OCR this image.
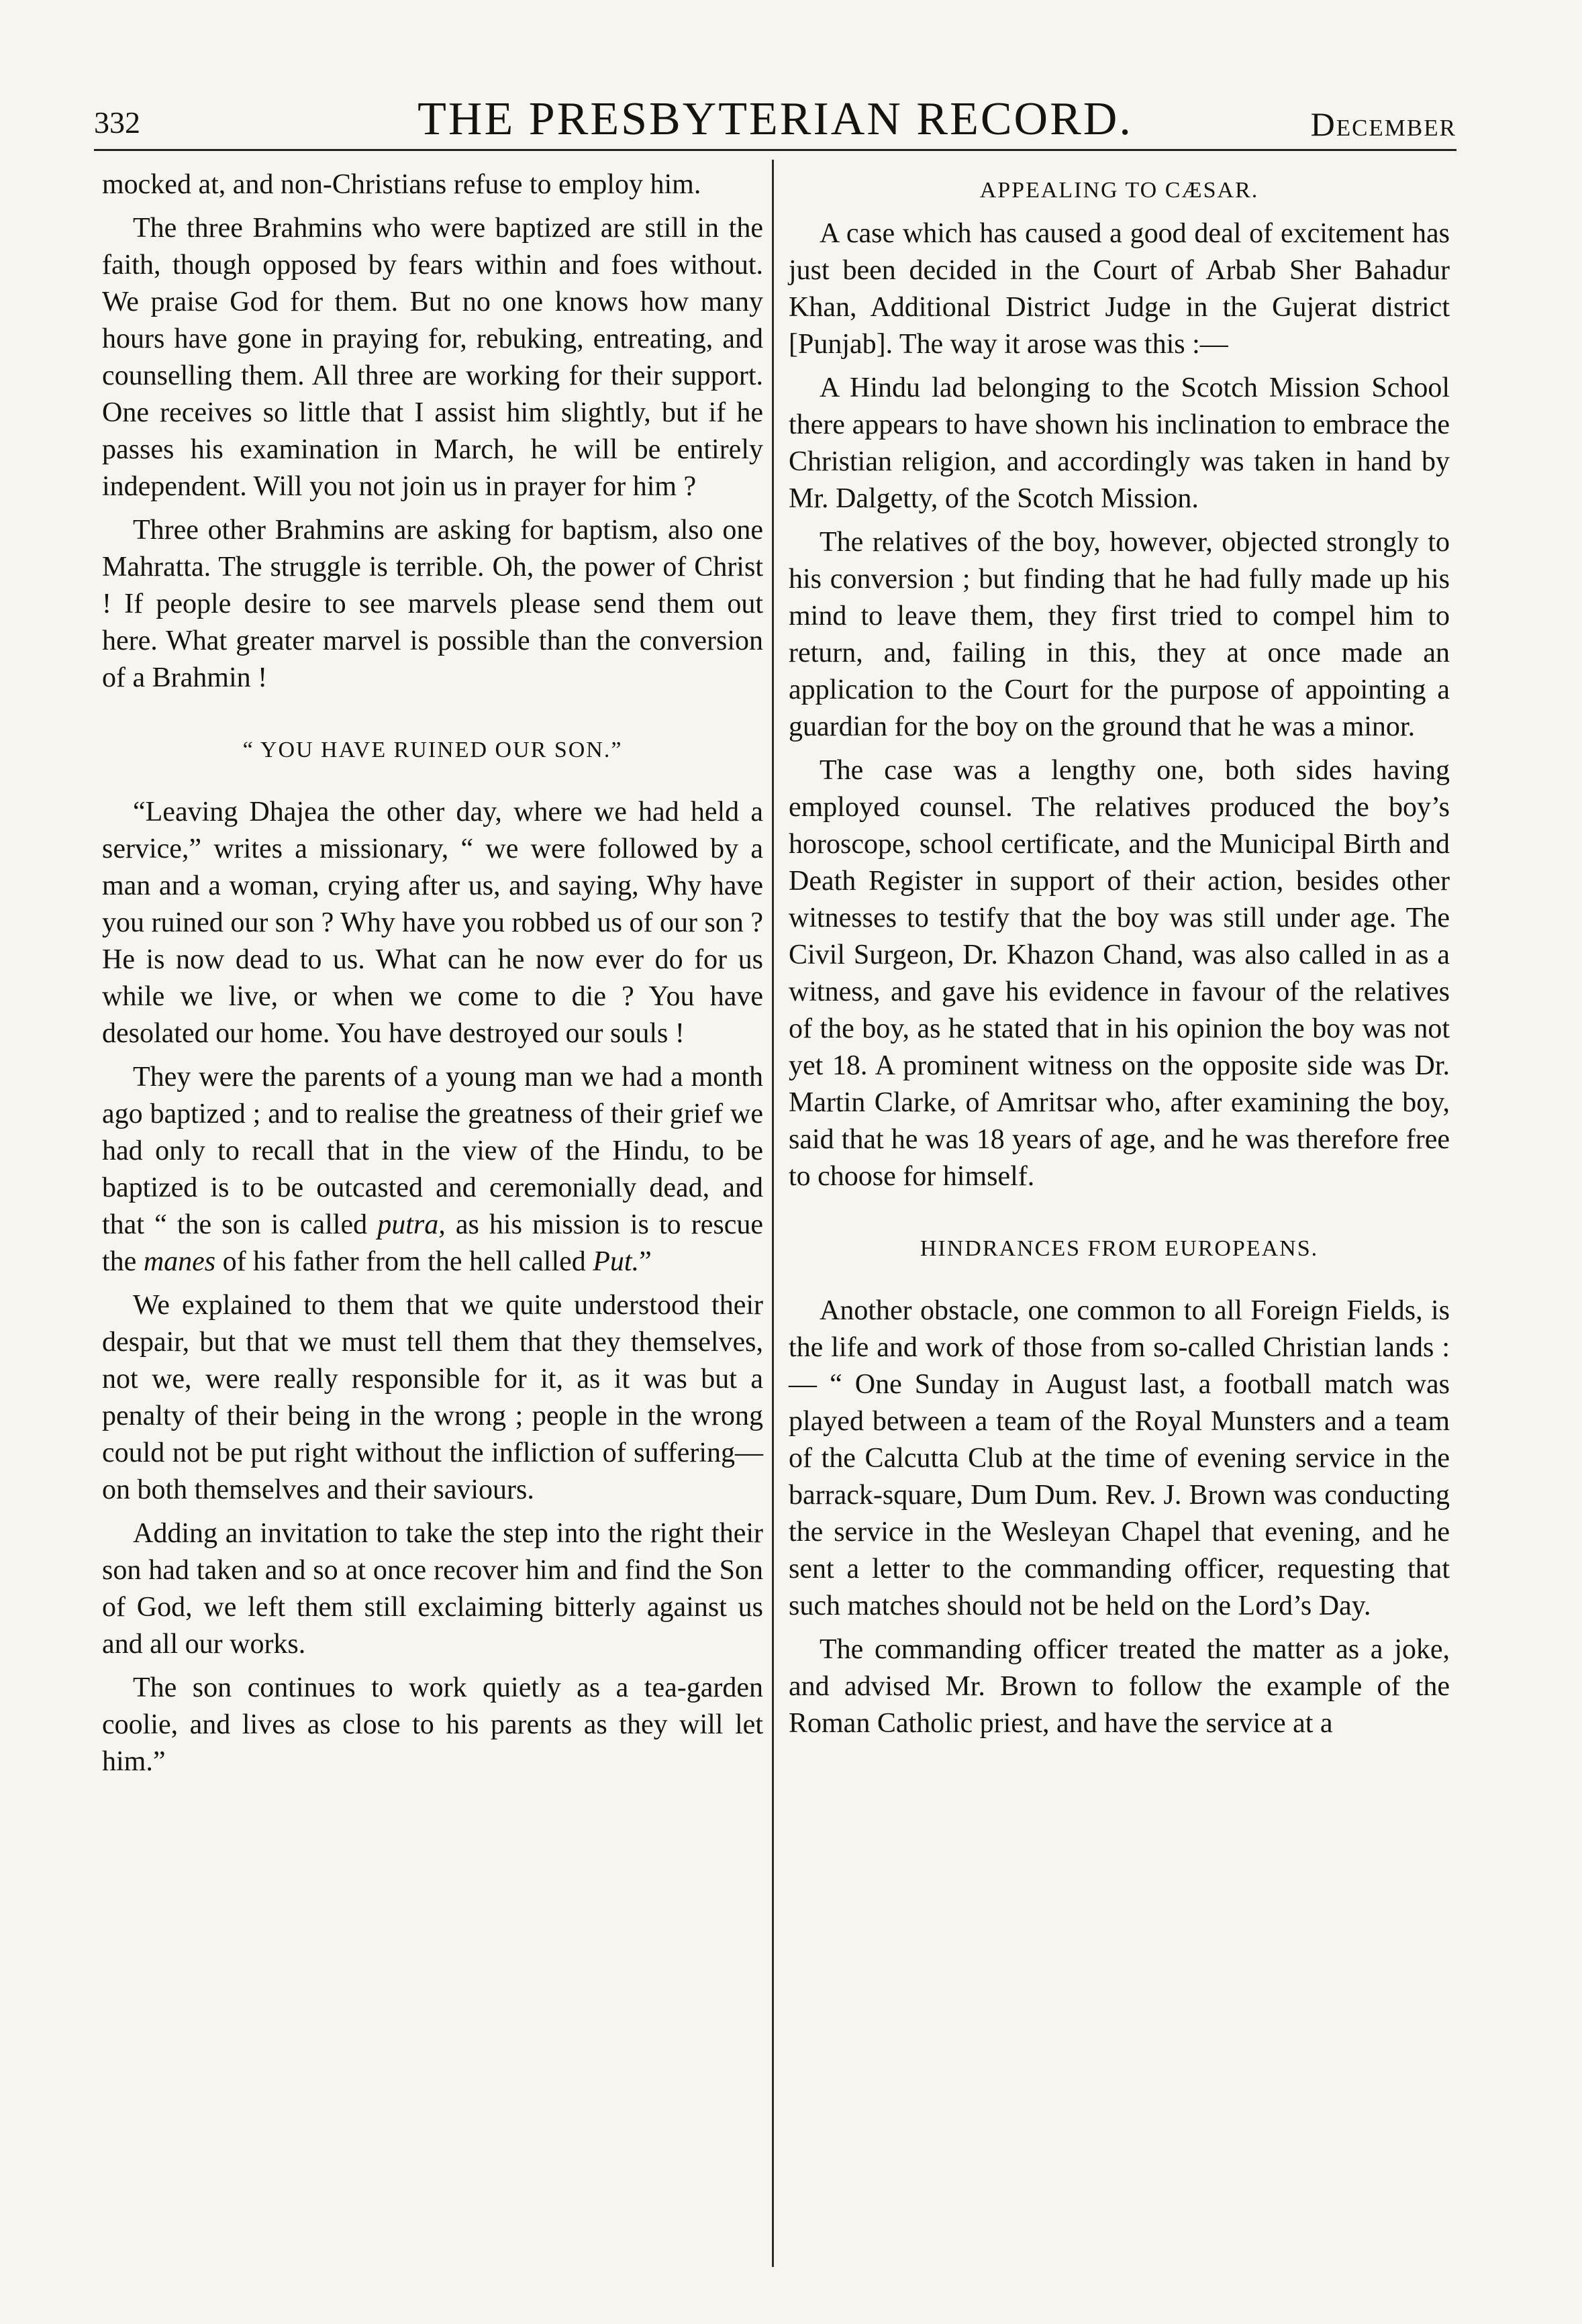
332	THE PRESBYTERIAN RECORD.	December

mocked at, and non-Christians refuse to employ him.

The three Brahmins who were baptized are still in the faith, though opposed by fears within and foes without. We praise God for them. But no one knows how many hours have gone in praying for, rebuking, entreating, and counselling them. All three are working for their support. One receives so little that I assist him slightly, but if he passes his examination in March, he will be entirely independent. Will you not join us in prayer for him ?

Three other Brahmins are asking for baptism, also one Mahratta. The struggle is terrible. Oh, the power of Christ ! If people desire to see marvels please send them out here. What greater marvel is possible than the conversion of a Brahmin !

“ YOU HAVE RUINED OUR SON.”

“Leaving Dhajea the other day, where we had held a service,” writes a missionary, “ we were followed by a man and a woman, crying after us, and saying, Why have you ruined our son ? Why have you robbed us of our son ? He is now dead to us. What can he now ever do for us while we live, or when we come to die ? You have desolated our home. You have destroyed our souls !

They were the parents of a young man we had a month ago baptized ; and to realise the greatness of their grief we had only to recall that in the view of the Hindu, to be baptized is to be outcasted and ceremonially dead, and that “ the son is called putra, as his mission is to rescue the manes of his father from the hell called Put.”

We explained to them that we quite understood their despair, but that we must tell them that they themselves, not we, were really responsible for it, as it was but a penalty of their being in the wrong ; people in the wrong could not be put right without the infliction of suffering—on both themselves and their saviours.

Adding an invitation to take the step into the right their son had taken and so at once recover him and find the Son of God, we left them still exclaiming bitterly against us and all our works.

The son continues to work quietly as a tea-garden coolie, and lives as close to his parents as they will let him.”

APPEALING TO CÆSAR.

A case which has caused a good deal of excitement has just been decided in the Court of Arbab Sher Bahadur Khan, Additional District Judge in the Gujerat district [Punjab]. The way it arose was this :—

A Hindu lad belonging to the Scotch Mission School there appears to have shown his inclination to embrace the Christian religion, and accordingly was taken in hand by Mr. Dalgetty, of the Scotch Mission.

The relatives of the boy, however, objected strongly to his conversion ; but finding that he had fully made up his mind to leave them, they first tried to compel him to return, and, failing in this, they at once made an application to the Court for the purpose of appointing a guardian for the boy on the ground that he was a minor.

The case was a lengthy one, both sides having employed counsel. The relatives produced the boy’s horoscope, school certificate, and the Municipal Birth and Death Register in support of their action, besides other witnesses to testify that the boy was still under age. The Civil Surgeon, Dr. Khazon Chand, was also called in as a witness, and gave his evidence in favour of the relatives of the boy, as he stated that in his opinion the boy was not yet 18. A prominent witness on the opposite side was Dr. Martin Clarke, of Amritsar who, after examining the boy, said that he was 18 years of age, and he was therefore free to choose for himself.

HINDRANCES FROM EUROPEANS.

Another obstacle, one common to all Foreign Fields, is the life and work of those from so-called Christian lands :— “ One Sunday in August last, a football match was played between a team of the Royal Munsters and a team of the Calcutta Club at the time of evening service in the barrack-square, Dum Dum. Rev. J. Brown was conducting the service in the Wesleyan Chapel that evening, and he sent a letter to the commanding officer, requesting that such matches should not be held on the Lord’s Day.

The commanding officer treated the matter as a joke, and advised Mr. Brown to follow the example of the Roman Catholic priest, and have the service at a
